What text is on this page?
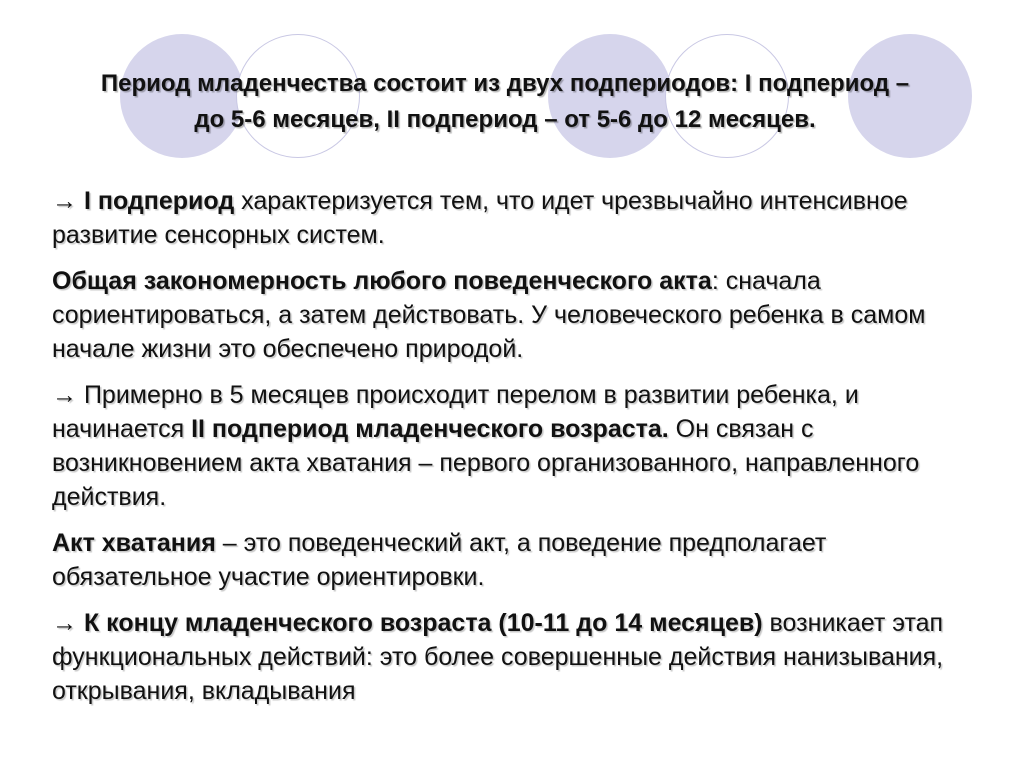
Период младенчества состоит из двух подпериодов: I подпериод – до 5-6 месяцев, II подпериод – от 5-6 до 12 месяцев.

→ I подпериод характеризуется тем, что идет чрезвычайно интенсивное развитие сенсорных систем.

Общая закономерность любого поведенческого акта: сначала сориентироваться, а затем действовать. У человеческого ребенка в самом начале жизни это обеспечено природой.

→ Примерно в 5 месяцев происходит перелом в развитии ребенка, и начинается II подпериод младенческого возраста. Он связан с возникновением акта хватания – первого организованного, направленного действия.

Акт хватания – это поведенческий акт, а поведение предполагает обязательное участие ориентировки.

→ К концу младенческого возраста (10-11 до 14 месяцев) возникает этап функциональных действий: это более совершенные действия нанизывания, открывания, вкладывания
